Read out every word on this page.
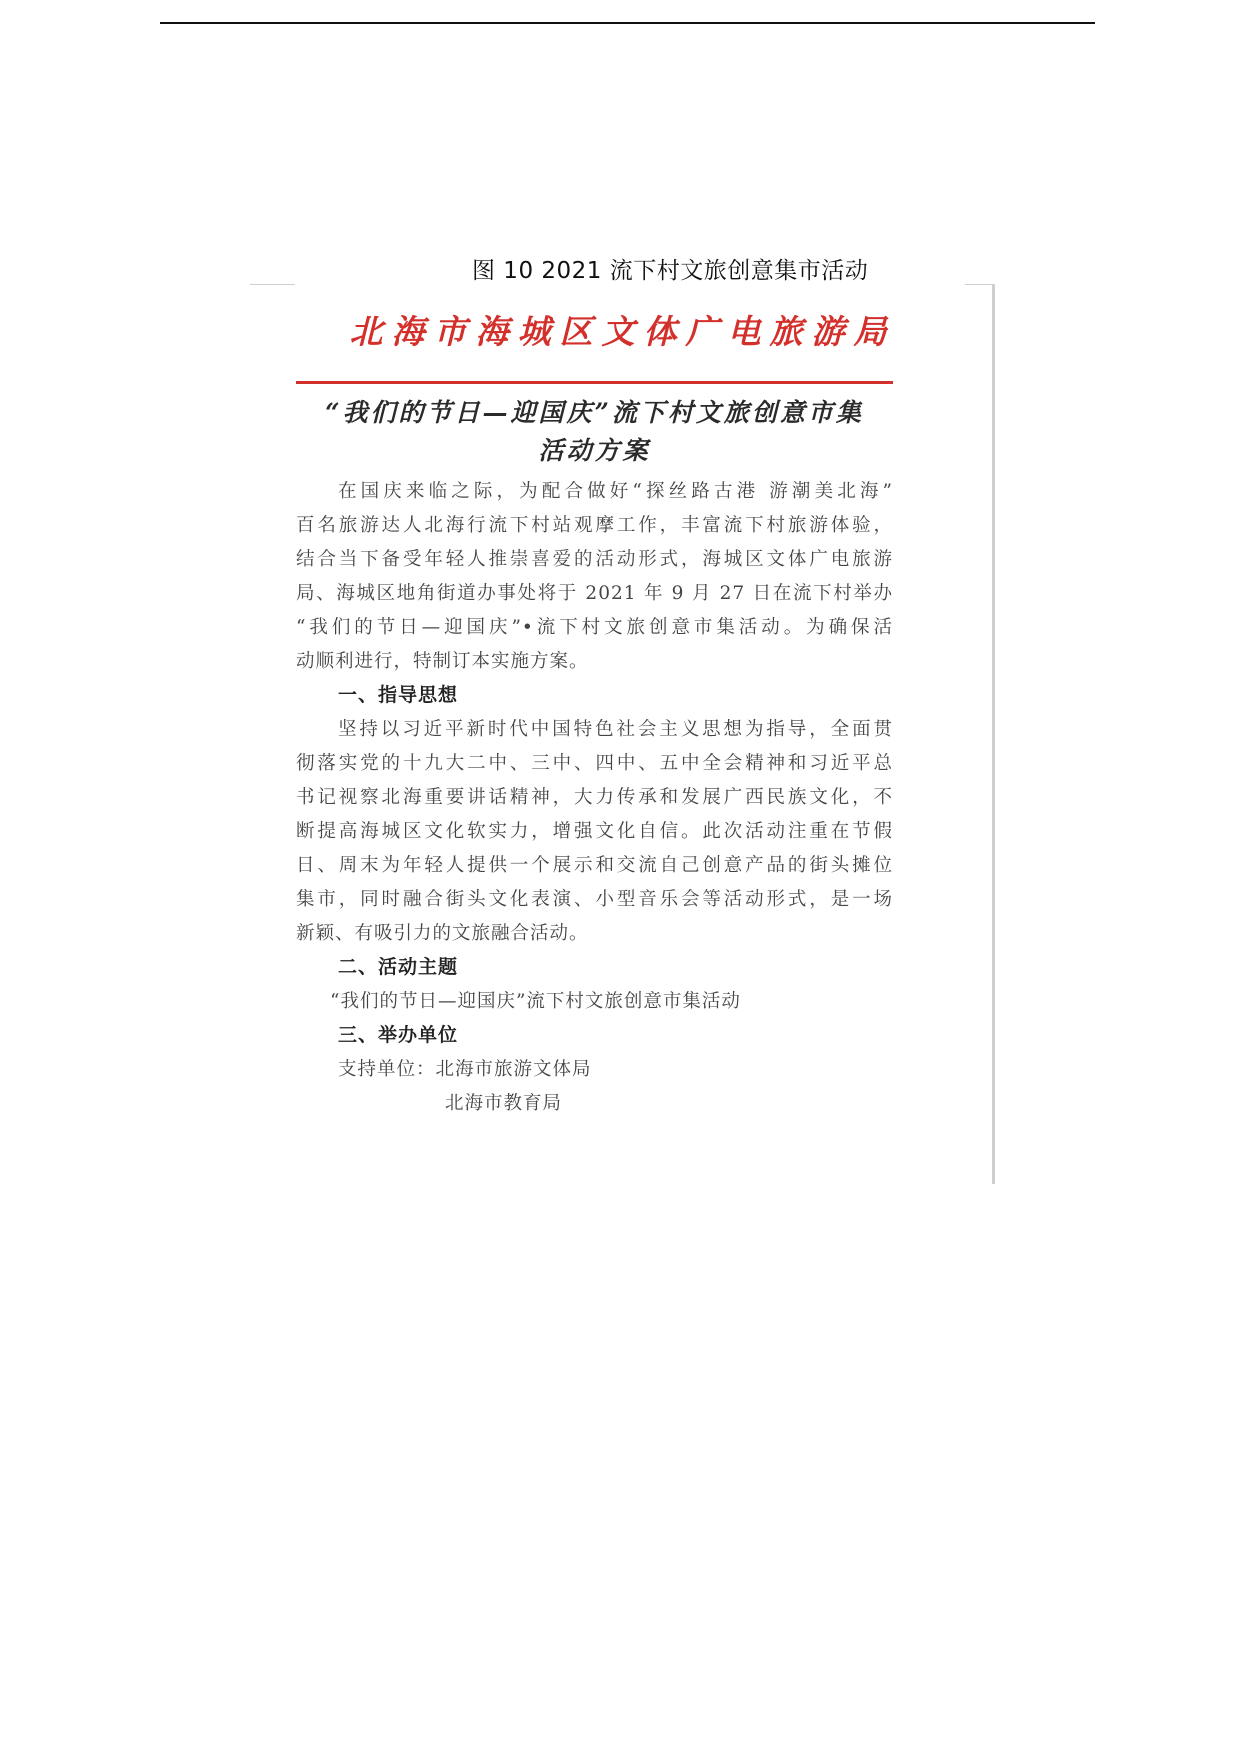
图 10 2021 流下村文旅创意集市活动
北海市海城区文体广电旅游局
“我们的节日—迎国庆”流下村文旅创意市集
活动方案
在国庆来临之际，为配合做好“探丝路古港 游潮美北海”
百名旅游达人北海行流下村站观摩工作，丰富流下村旅游体验，
结合当下备受年轻人推崇喜爱的活动形式，海城区文体广电旅游
局、海城区地角街道办事处将于 2021 年 9 月 27 日在流下村举办
“我们的节日—迎国庆”•流下村文旅创意市集活动。为确保活
动顺利进行，特制订本实施方案。
一、指导思想
坚持以习近平新时代中国特色社会主义思想为指导，全面贯
彻落实党的十九大二中、三中、四中、五中全会精神和习近平总
书记视察北海重要讲话精神，大力传承和发展广西民族文化，不
断提高海城区文化软实力，增强文化自信。此次活动注重在节假
日、周末为年轻人提供一个展示和交流自己创意产品的街头摊位
集市，同时融合街头文化表演、小型音乐会等活动形式，是一场
新颖、有吸引力的文旅融合活动。
二、活动主题
“我们的节日—迎国庆”流下村文旅创意市集活动
三、举办单位
支持单位：北海市旅游文体局
北海市教育局
